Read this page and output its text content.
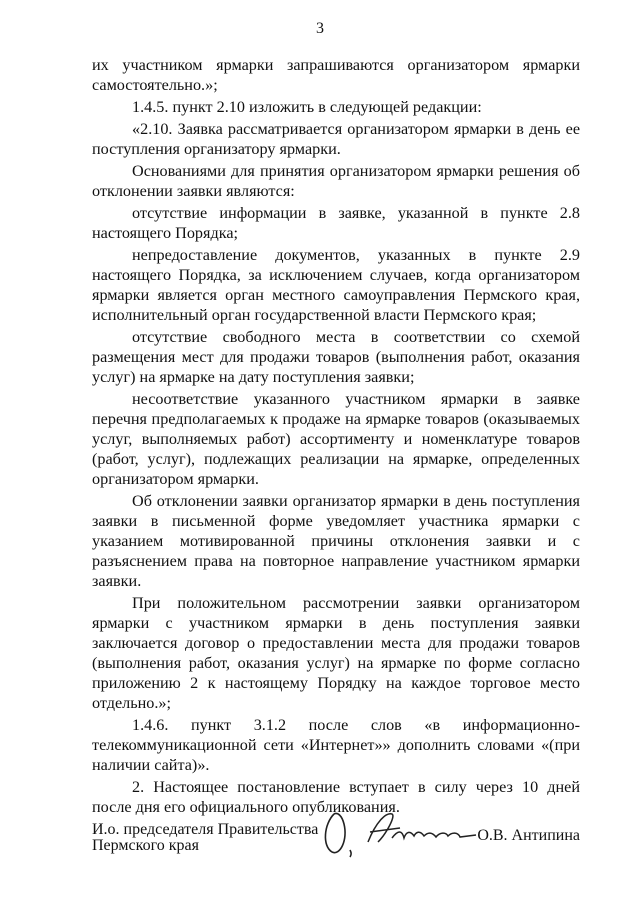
3

их участником ярмарки запрашиваются организатором ярмарки самостоятельно.»;

1.4.5. пункт 2.10 изложить в следующей редакции:

«2.10. Заявка рассматривается организатором ярмарки в день ее поступления организатору ярмарки.

Основаниями для принятия организатором ярмарки решения об отклонении заявки являются:

отсутствие информации в заявке, указанной в пункте 2.8 настоящего Порядка;

непредоставление документов, указанных в пункте 2.9 настоящего Порядка, за исключением случаев, когда организатором ярмарки является орган местного самоуправления Пермского края, исполнительный орган государственной власти Пермского края;

отсутствие свободного места в соответствии со схемой размещения мест для продажи товаров (выполнения работ, оказания услуг) на ярмарке на дату поступления заявки;

несоответствие указанного участником ярмарки в заявке перечня предполагаемых к продаже на ярмарке товаров (оказываемых услуг, выполняемых работ) ассортименту и номенклатуре товаров (работ, услуг), подлежащих реализации на ярмарке, определенных организатором ярмарки.

Об отклонении заявки организатор ярмарки в день поступления заявки в письменной форме уведомляет участника ярмарки с указанием мотивированной причины отклонения заявки и с разъяснением права на повторное направление участником ярмарки заявки.

При положительном рассмотрении заявки организатором ярмарки с участником ярмарки в день поступления заявки заключается договор о предоставлении места для продажи товаров (выполнения работ, оказания услуг) на ярмарке по форме согласно приложению 2 к настоящему Порядку на каждое торговое место отдельно.»;

1.4.6. пункт 3.1.2 после слов «в информационно-телекоммуникационной сети «Интернет»» дополнить словами «(при наличии сайта)».

2. Настоящее постановление вступает в силу через 10 дней после дня его официального опубликования.

И.о. председателя Правительства
Пермского края
О.В. Антипина
